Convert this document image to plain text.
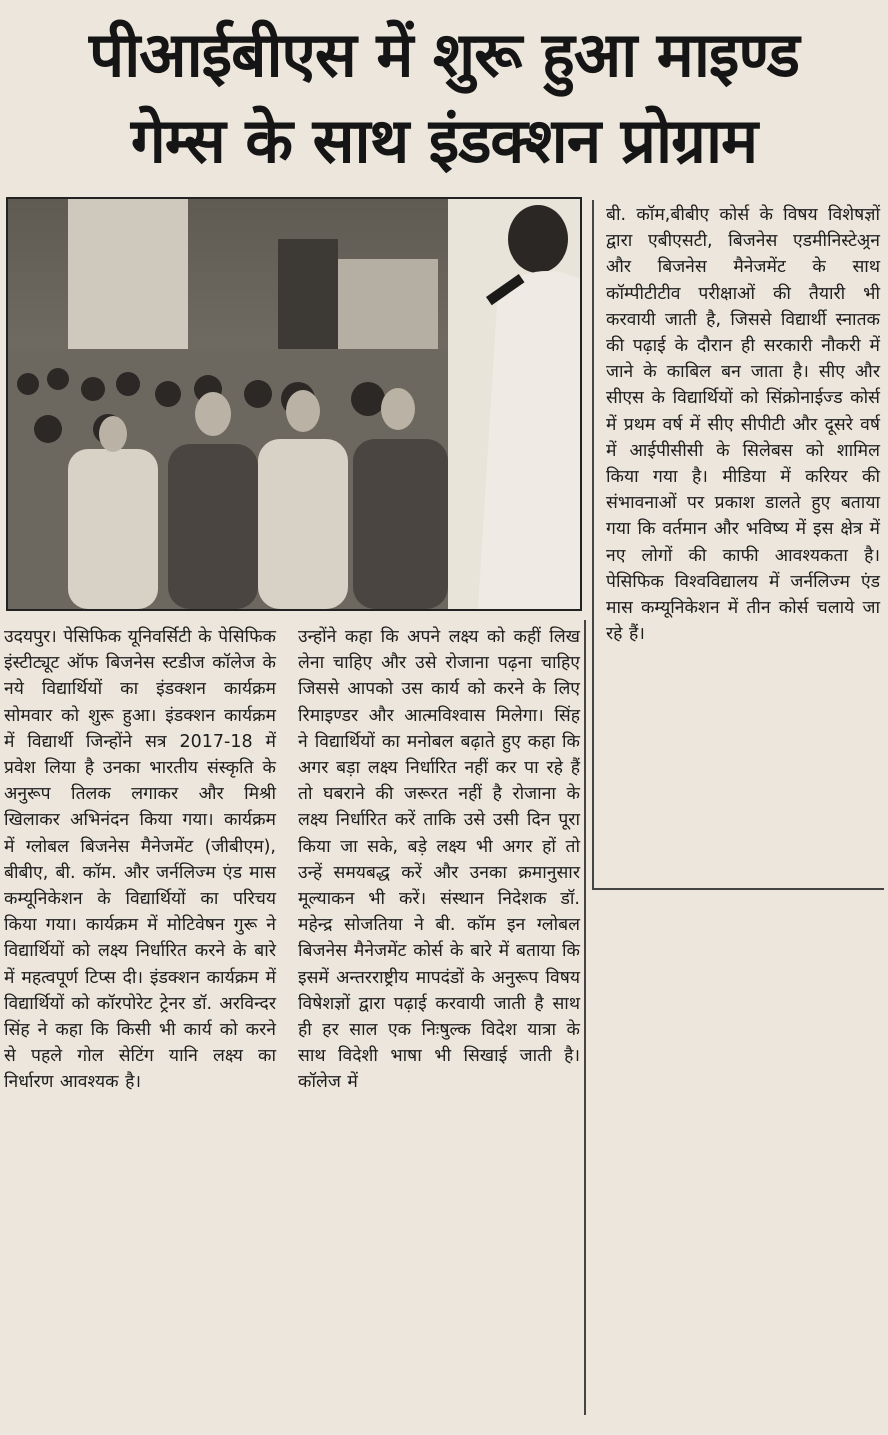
पीआईबीएस में शुरू हुआ माइण्ड
गेम्स के साथ इंडक्शन प्रोग्राम
उदयपुर। पेसिफिक यूनिवर्सिटी के पेसिफिक इंस्टीट्यूट ऑफ बिजनेस स्टडीज कॉलेज के नये विद्यार्थियों का इंडक्शन कार्यक्रम सोमवार को शुरू हुआ। इंडक्शन कार्यक्रम में विद्यार्थी जिन्होंने सत्र 2017-18 में प्रवेश लिया है उनका भारतीय संस्कृति के अनुरूप तिलक लगाकर और मिश्री खिलाकर अभिनंदन किया गया। कार्यक्रम में ग्लोबल बिजनेस मैनेजमेंट (जीबीएम), बीबीए, बी. कॉम. और जर्नलिज्म एंड मास कम्यूनिकेशन के विद्यार्थियों का परिचय किया गया। कार्यक्रम में मोटिवेषन गुरू ने विद्यार्थियों को लक्ष्य निर्धारित करने के बारे में महत्वपूर्ण टिप्स दी। इंडक्शन कार्यक्रम में विद्यार्थियों को कॉरपोरेट ट्रेनर डॉ. अरविन्दर सिंह ने कहा कि किसी भी कार्य को करने से पहले गोल सेटिंग यानि लक्ष्य का निर्धारण आवश्यक है।
उन्होंने कहा कि अपने लक्ष्य को कहीं लिख लेना चाहिए और उसे रोजाना पढ़ना चाहिए जिससे आपको उस कार्य को करने के लिए रिमाइण्डर और आत्मविश्वास मिलेगा। सिंह ने विद्यार्थियों का मनोबल बढ़ाते हुए कहा कि अगर बड़ा लक्ष्य निर्धारित नहीं कर पा रहे हैं तो घबराने की जरूरत नहीं है रोजाना के लक्ष्य निर्धारित करें ताकि उसे उसी दिन पूरा किया जा सके, बड़े लक्ष्य भी अगर हों तो उन्हें समयबद्ध करें और उनका क्रमानुसार मूल्याकन भी करें। संस्थान निदेशक डॉ. महेन्द्र सोजतिया ने बी. कॉम इन ग्लोबल बिजनेस मैनेजमेंट कोर्स के बारे में बताया कि इसमें अन्तरराष्ट्रीय मापदंडों के अनुरूप विषय विषेशज्ञों द्वारा पढ़ाई करवायी जाती है साथ ही हर साल एक निःषुल्क विदेश यात्रा के साथ विदेशी भाषा भी सिखाई जाती है। कॉलेज में
बी. कॉम,बीबीए कोर्स के विषय विशेषज्ञों द्वारा एबीएसटी, बिजनेस एडमीनिस्टेअ्रन और बिजनेस मैनेजमेंट के साथ कॉम्पीटीटीव परीक्षाओं की तैयारी भी करवायी जाती है, जिससे विद्यार्थी स्नातक की पढ़ाई के दौरान ही सरकारी नौकरी में जाने के काबिल बन जाता है। सीए और सीएस के विद्यार्थियों को सिंक्रोनाईज्ड कोर्स में प्रथम वर्ष में सीए सीपीटी और दूसरे वर्ष में आईपीसीसी के सिलेबस को शामिल किया गया है। मीडिया में करियर की संभावनाओं पर प्रकाश डालते हुए बताया गया कि वर्तमान और भविष्य में इस क्षेत्र में नए लोगों की काफी आवश्यकता है। पेसिफिक विश्वविद्यालय में जर्नलिज्म एंड मास कम्यूनिकेशन में तीन कोर्स चलाये जा रहे हैं।
